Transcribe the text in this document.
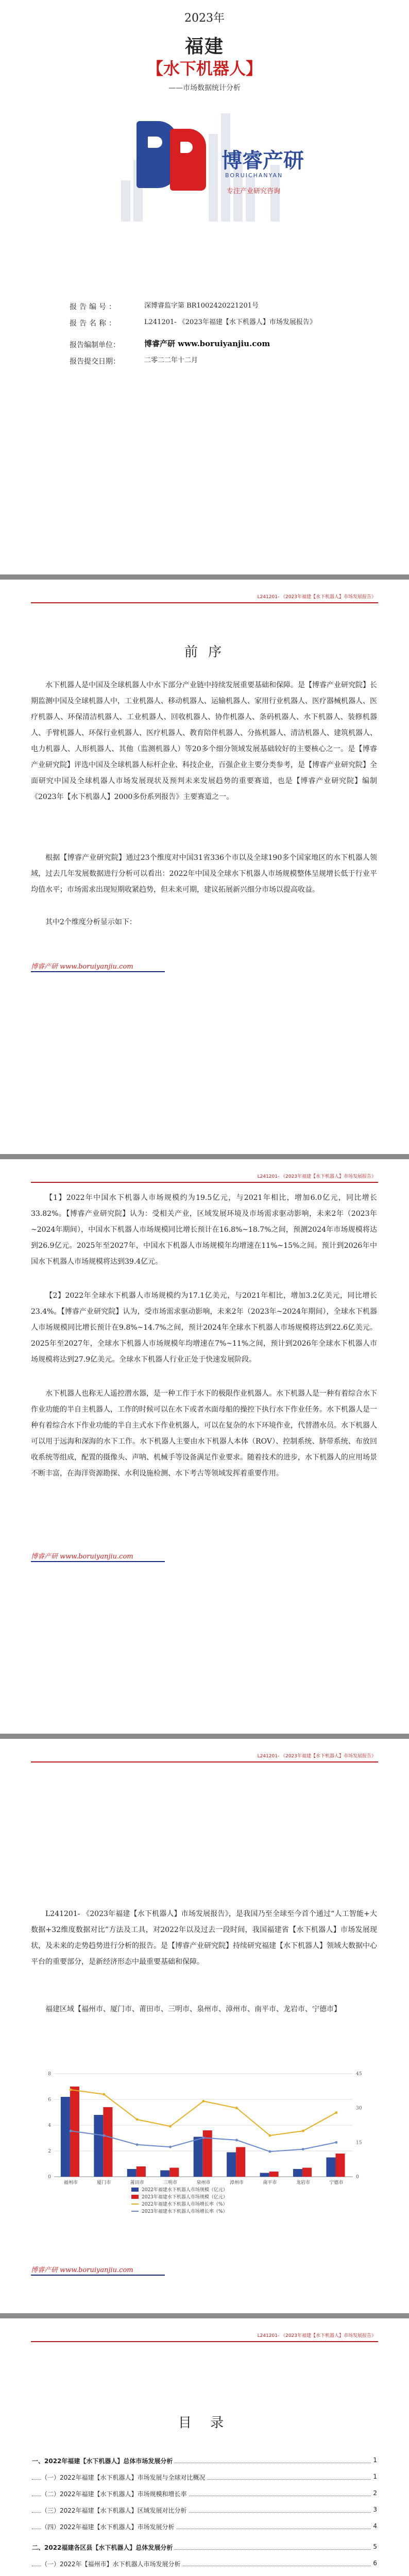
2023年
福建
【水下机器人】
——市场数据统计分析
博睿产研
BORUICHANYAN
专注产业研究咨询
报告编号：	深博睿监字第 BR1002420221201号
报告名称：	L241201- 《2023年福建【水下机器人】市场发展报告》
报告编制单位：	博睿产研 www.boruiyanjiu.com
报告提交日期：	二零二二年十二月
L241201- 《2023年福建【水下机器人】市场发展报告》
前 序

水下机器人是中国及全球机器人中水下部分产业链中持续发展重要基础和保障。是【博睿产业研究院】长期监测中国及全球机器人中，工业机器人、移动机器人、运输机器人、家用行业机器人、医疗器械机器人、医疗机器人、环保清洁机器人、工业机器人、回收机器人、协作机器人、条码机器人、水下机器人、装修机器人、手臂机器人、环保行业机器人、医疗机器人、教育陪伴机器人、分拣机器人、清洁机器人、建筑机器人、电力机器人、人形机器人、其他（监测机器人）等20多个细分领域发展基础较好的主要核心之一。是【博睿产业研究院】评选中国及全球机器人标杆企业、科技企业，百强企业主要分类参考，是【博睿产业研究院】全面研究中国及全球机器人市场发展现状及预判未来发展趋势的重要赛道，也是【博睿产业研究院】编制《2023年【水下机器人】2000多份系列报告》主要赛道之一。

根据【博睿产业研究院】通过23个维度对中国31省336个市以及全球190多个国家地区的水下机器人领域，过去几年发展数据进行分析可以看出：2022年中国及全球水下机器人市场规模整体呈规增长低于行业平均值水平；市场需求出现短期收紧趋势，但未来可期，建议拓展新兴细分市场以提高收益。

其中2个维度分析显示如下：

博睿产研 www.boruiyanjiu.com
L241201- 《2023年福建【水下机器人】市场发展报告》

【1】2022年中国水下机器人市场规模约为19.5亿元，与2021年相比，增加6.0亿元，同比增长33.82%。【博睿产业研究院】认为：受相关产业，区域发展环境及市场需求驱动影响，未来2年（2023年~2024年期间），中国水下机器人市场规模同比增长预计在16.8%~18.7%之间，预测2024年市场规模将达到26.9亿元。2025年至2027年，中国水下机器人市场规模年均增速在11%~15%之间。预计到2026年中国水下机器人市场规模将达到39.4亿元。

【2】2022年全球水下机器人市场规模约为17.1亿美元，与2021年相比，增加3.2亿美元，同比增长23.4%。【博睿产业研究院】认为，受市场需求驱动影响，未来2年（2023年~2024年期间），全球水下机器人市场规模同比增长预计在9.8%~14.7%之间，预计2024年全球水下机器人市场规模将达到22.6亿美元。2025年至2027年，全球水下机器人市场规模年均增速在7%~11%之间，预计到2026年全球水下机器人市场规模将达到27.9亿美元。全球水下机器人行业正处于快速发展阶段。

水下机器人也称无人遥控潜水器，是一种工作于水下的极限作业机器人。水下机器人是一种有着综合水下作业功能的半自主机器人，工作的时候可以在水下或者水面母船的操控下执行水下作业任务。水下机器人是一种有着综合水下作业功能的半自主式水下作业机器人，可以在复杂的水下环境作业，代替潜水员。水下机器人可以用于远海和深海的水下工作。水下机器人主要由水下机器人本体（ROV）、控制系统、脐带系统、布放回收系统等组成，配置的摄像头、声呐、机械手等设备满足作业要求。随着技术的进步，水下机器人的应用场景不断丰富，在海洋资源勘探、水利设施检测、水下考古等领域发挥着重要作用。

博睿产研 www.boruiyanjiu.com
L241201- 《2023年福建【水下机器人】市场发展报告》

L241201- 《2023年福建【水下机器人】市场发展报告》，是我国乃至全球至今首个通过“人工智能+大数据+32维度数据对比”方法及工具，对2022年以及过去一段时间，我国福建省【水下机器人】市场发展现状，及未来的走势趋势进行分析的报告。是【博睿产业研究院】持续研究福建【水下机器人】领域大数据中心平台的重要部分，是新经济形态中最重要基础和保障。

福建区域【福州市、厦门市、莆田市、三明市、泉州市、漳州市、南平市、龙岩市、宁德市】

0
2
4
6
8
0
15
30
45
福州市	厦门市	莆田市	三明市	泉州市	漳州市	南平市	龙岩市	宁德市
2022年福建水下机器人市场规模（亿元）
2023年福建水下机器人市场规模（亿元）
2022年福建水下机器人市场增长率（%）
2023年福建水下机器人市场增长率（%）
博睿产研 www.boruiyanjiu.com
L241201- 《2023年福建【水下机器人】市场发展报告》
目 录
一、2022年福建【水下机器人】总体市场发展分析	1
（一）2022年福建【水下机器人】市场发展与全球对比概况	1
（二）2022年福建【水下机器人】市场规模和增长率	2
（三）2022年福建【水下机器人】区域发展对比分析	3
（四）2022年福建【水下机器人】市场发展分析	4
二、2022福建各区县【水下机器人】总体发展分析	5
（一）2022年【福州市】水下机器人市场发展分析	6
